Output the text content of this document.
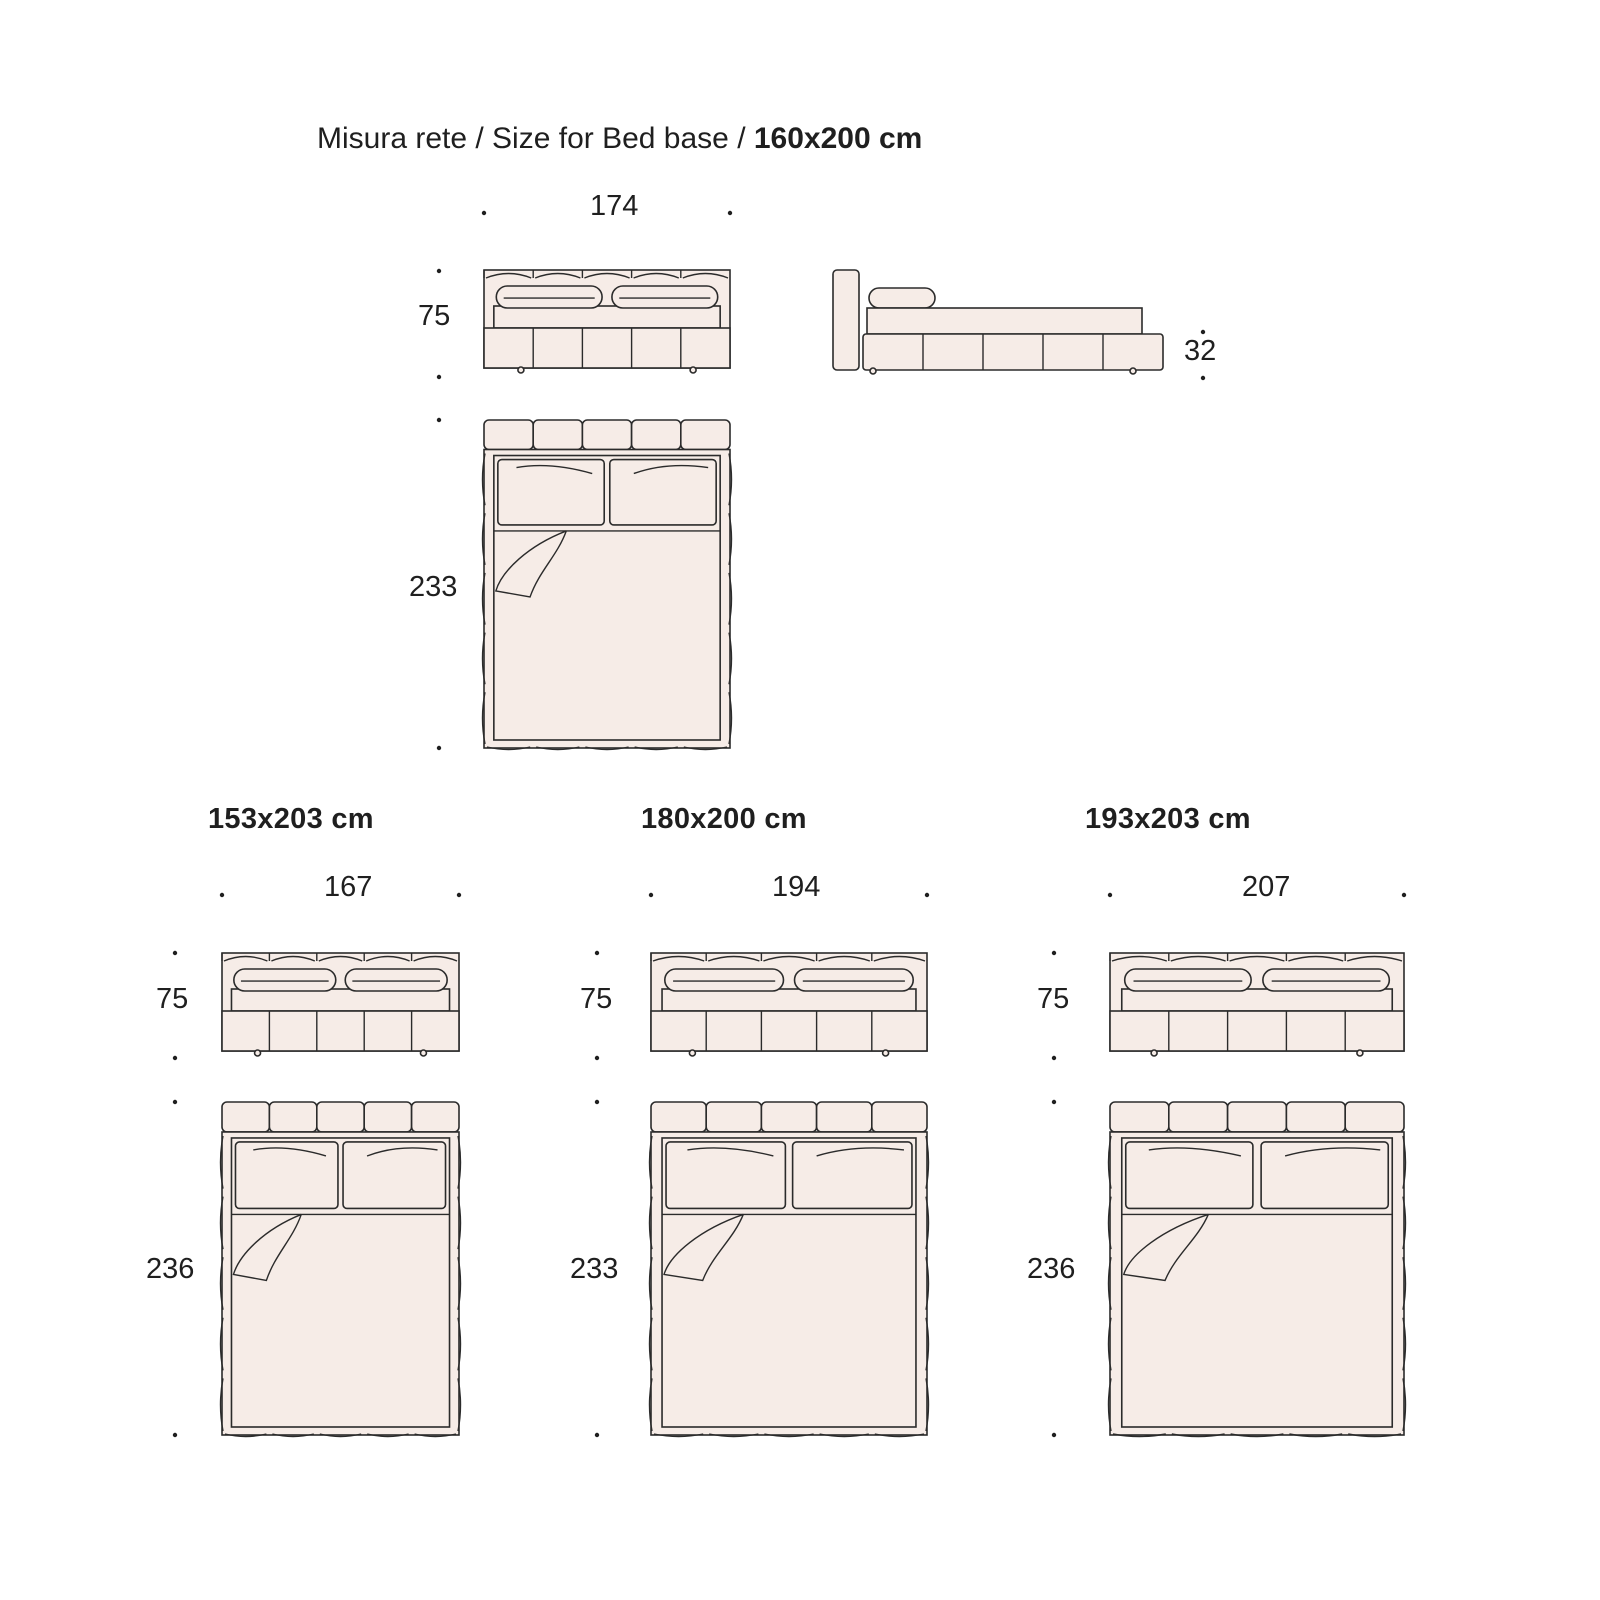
Misura rete / Size for Bed base / 160x200 cm
174
75
233
32
153x203 cm	180x200 cm	193x203 cm
167	194	207
75	75	75
236	233	236
